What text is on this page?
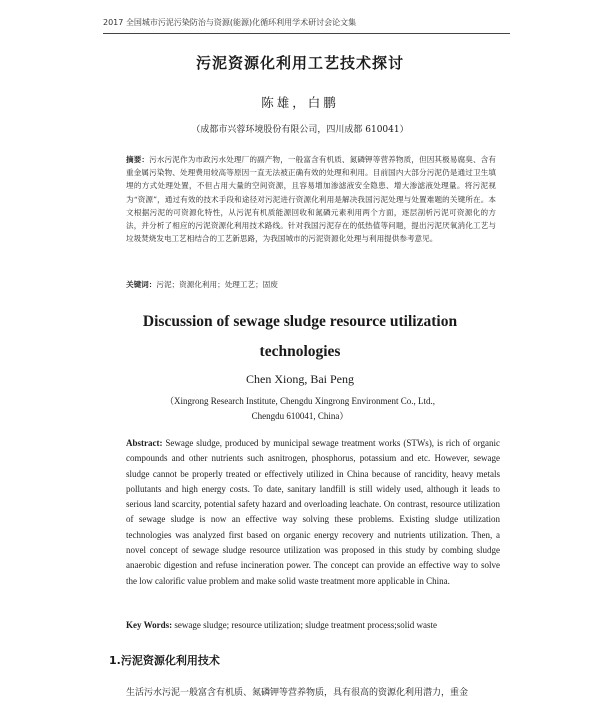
2017 全国城市污泥污染防治与资源(能源)化循环利用学术研讨会论文集
污泥资源化利用工艺技术探讨
陈雄，白鹏
（成都市兴蓉环境股份有限公司，四川成都 610041）
摘要：污水污泥作为市政污水处理厂的副产物，一般富含有机质、氮磷钾等营养物质，但因其极易腐臭、含有重金属污染物、处理费用较高等原因一直无法被正确有效的处理和利用。目前国内大部分污泥仍是通过卫生填埋的方式处理处置，不但占用大量的空间资源，且容易增加渗滤液安全隐患、增大渗滤液处理量。将污泥视为“资源”，通过有效的技术手段和途径对污泥进行资源化利用是解决我国污泥处理与处置难题的关键所在。本文根据污泥的可资源化特性，从污泥有机质能源回收和氮磷元素利用两个方面，逐层剖析污泥可资源化的方法，并分析了相应的污泥资源化利用技术路线。针对我国污泥存在的低热值等问题，提出污泥厌氧消化工艺与垃圾焚烧发电工艺相结合的工艺新思路，为我国城市的污泥资源化处理与利用提供参考意见。
关键词：污泥；资源化利用；处理工艺；固废
Discussion of sewage sludge resource utilization
technologies
Chen Xiong, Bai Peng
（Xingrong Research Institute, Chengdu Xingrong Environment Co., Ltd., Chengdu 610041, China）
Abstract: Sewage sludge, produced by municipal sewage treatment works (STWs), is rich of organic compounds and other nutrients such asnitrogen, phosphorus, potassium and etc. However, sewage sludge cannot be properly treated or effectively utilized in China because of rancidity, heavy metals pollutants and high energy costs. To date, sanitary landfill is still widely used, although it leads to serious land scarcity, potential safety hazard and overloading leachate. On contrast, resource utilization of sewage sludge is now an effective way solving these problems. Existing sludge utilization technologies was analyzed first based on organic energy recovery and nutrients utilization. Then, a novel concept of sewage sludge resource utilization was proposed in this study by combing sludge anaerobic digestion and refuse incineration power. The concept can provide an effective way to solve the low calorific value problem and make solid waste treatment more applicable in China.
Key Words: sewage sludge; resource utilization; sludge treatment process;solid waste
1.污泥资源化利用技术
生活污水污泥一般富含有机质、氮磷钾等营养物质，具有很高的资源化利用潜力，重金
